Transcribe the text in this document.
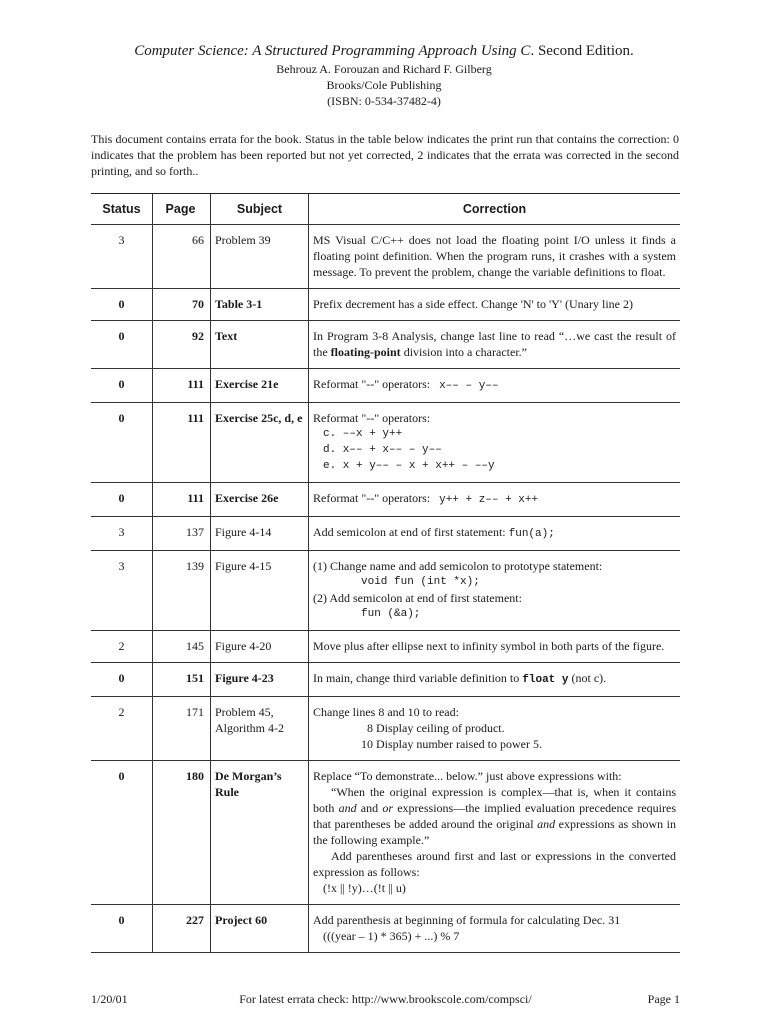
Computer Science: A Structured Programming Approach Using C. Second Edition.
Behrouz A. Forouzan and Richard F. Gilberg
Brooks/Cole Publishing
(ISBN: 0-534-37482-4)
This document contains errata for the book. Status in the table below indicates the print run that contains the correction: 0 indicates that the problem has been reported but not yet corrected, 2 indicates that the errata was corrected in the second printing, and so forth..
Status	Page	Subject	Correction
3	66	Problem 39	MS Visual C/C++ does not load the floating point I/O unless it finds a floating point definition. When the program runs, it crashes with a system message. To prevent the problem, change the variable definitions to float.
0	70	Table 3-1	Prefix decrement has a side effect. Change 'N' to 'Y' (Unary line 2)
0	92	Text	In Program 3-8 Analysis, change last line to read “…we cast the result of the floating-point division into a character.”
0	111	Exercise 21e	Reformat "--" operators: x–– – y––
0	111	Exercise 25c, d, e	Reformat "--" operators:
c. ––x + y++
d. x–– + x–– – y––
e. x + y–– – x + x++ – ––y

0	111	Exercise 26e	Reformat "--" operators: y++ + z–– + x++
3	137	Figure 4-14	Add semicolon at end of first statement: fun(a);
3	139	Figure 4-15	(1) Change name and add semicolon to prototype statement:
void fun (int *x);
(2) Add semicolon at end of first statement:
fun (&a);

2	145	Figure 4-20	Move plus after ellipse next to infinity symbol in both parts of the figure.
0	151	Figure 4-23	In main, change third variable definition to float y (not c).
2	171	Problem 45, Algorithm 4-2	Change lines 8 and 10 to read:
8 Display ceiling of product.
10 Display number raised to power 5.

0	180	De Morgan’s Rule	Replace “To demonstrate... below.” just above expressions with:
“When the original expression is complex—that is, when it contains both and and or expressions—the implied evaluation precedence requires that parentheses be added around the original and expressions as shown in the following example.”
Add parentheses around first and last or expressions in the converted expression as follows:
(!x || !y)…(!t || u)

0	227	Project 60	Add parenthesis at beginning of formula for calculating Dec. 31
(((year – 1) * 365) + ...) % 7
1/20/01	For latest errata check: http://www.brookscole.com/compsci/	Page 1
